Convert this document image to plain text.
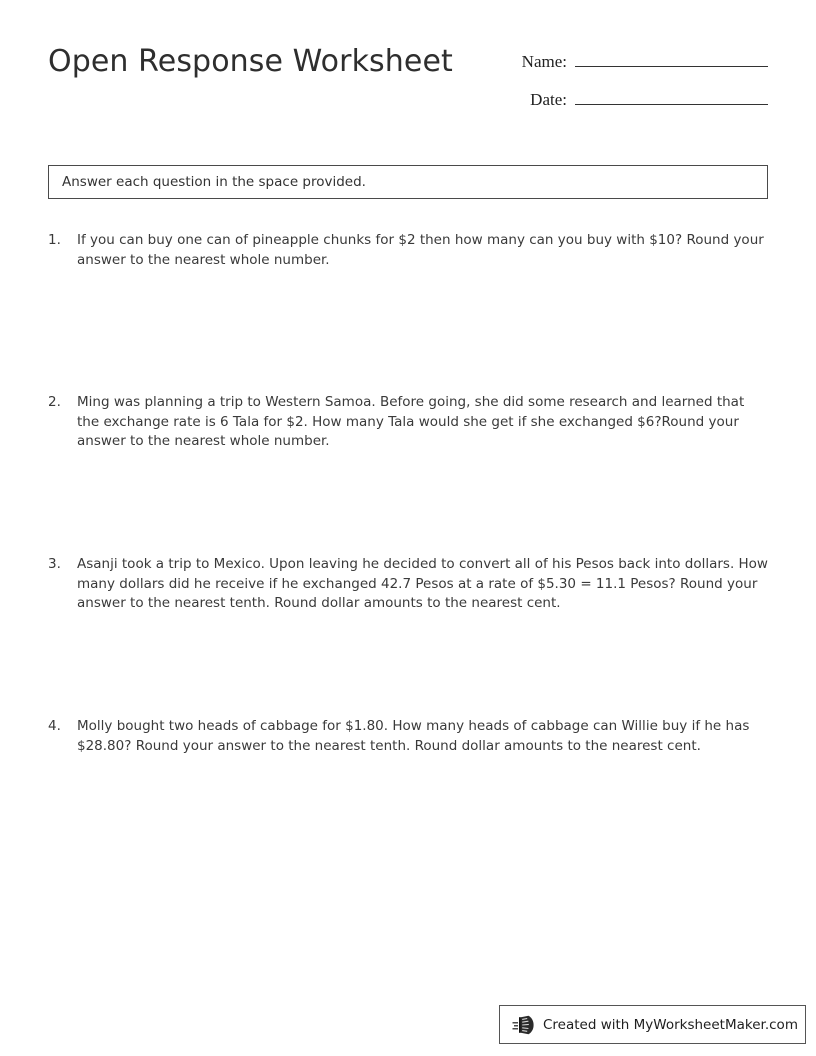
Open Response Worksheet	Name:
Date:
Answer each question in the space provided.
1.	If you can buy one can of pineapple chunks for $2 then how many can you buy with $10? Round your answer to the nearest whole number.
2.	Ming was planning a trip to Western Samoa. Before going, she did some research and learned that the exchange rate is 6 Tala for $2. How many Tala would she get if she exchanged $6?Round your answer to the nearest whole number.
3.	Asanji took a trip to Mexico. Upon leaving he decided to convert all of his Pesos back into dollars. How many dollars did he receive if he exchanged 42.7 Pesos at a rate of $5.30 = 11.1 Pesos? Round your answer to the nearest tenth. Round dollar amounts to the nearest cent.
4.	Molly bought two heads of cabbage for $1.80. How many heads of cabbage can Willie buy if he has $28.80? Round your answer to the nearest tenth. Round dollar amounts to the nearest cent.
Created with MyWorksheetMaker.com
